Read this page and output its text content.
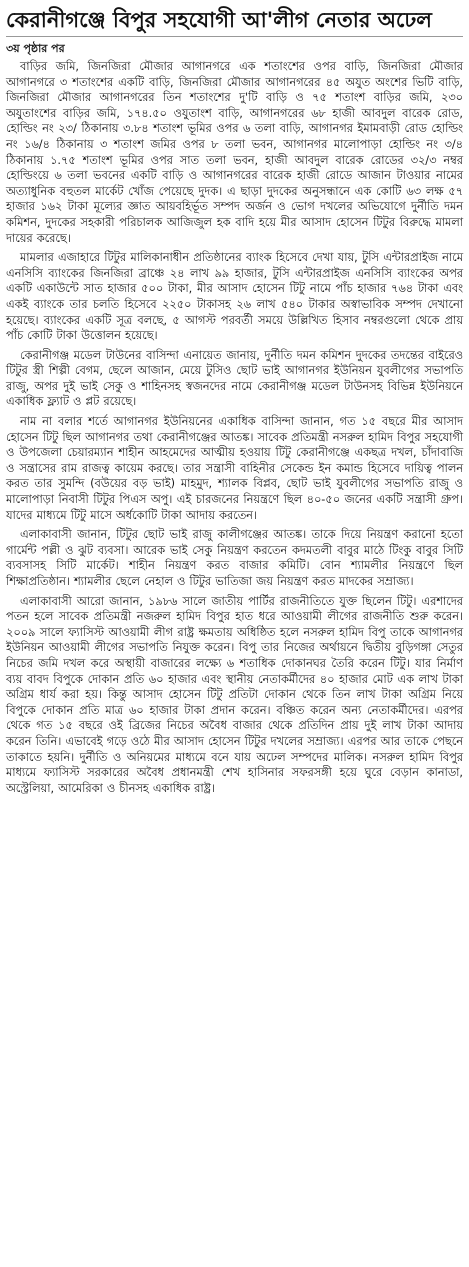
কেরানীগঞ্জে বিপুর সহযোগী আ'লীগ নেতার অঢেল
৩য় পৃষ্ঠার পর

বাড়ির জমি, জিনজিরা মৌজার আগানগরে এক শতাংশের ওপর বাড়ি, জিনজিরা মৌজার আগানগরে ৩ শতাংশের একটি বাড়ি, জিনজিরা মৌজার আগানগরের ৪৫ অযুত অংশের ভিটি বাড়ি, জিনজিরা মৌজার আগানগরের তিন শতাংশের দু'টি বাড়ি ও ৭৫ শতাংশ বাড়ির জমি, ২৩০ অযুতাংশের বাড়ির জমি, ১৭৪.৫০ ওযুতাংশ বাড়ি, আগানগরের ৬৮ হাজী আবদুল বারেক রোড, হোল্ডিং নং ২৩/ ঠিকানায় ৩.৮৪ শতাংশ ভূমির ওপর ৬ তলা বাড়ি, আগানগর ইমামবাড়ী রোড হোল্ডিং নং ১৬/৪ ঠিকানায় ৩ শতাংশ জমির ওপর ৮ তলা ভবন, আগানগর মালোপাড়া হোল্ডিং নং ৩/৪ ঠিকানায় ১.৭৫ শতাংশ ভূমির ওপর সাত তলা ভবন, হাজী আবদুল বারেক রোডের ৩২/৩ নম্বর হোল্ডিংয়ে ৬ তলা ভবনের একটি বাড়ি ও আগানগরের বারেক হাজী রোডে আজান টাওয়ার নামের অত্যাধুনিক বহুতল মার্কেট খোঁজ পেয়েছে দুদক। এ ছাড়া দুদকের অনুসন্ধানে এক কোটি ৬৩ লক্ষ ৫৭ হাজার ১৬২ টাকা মূল্যের জ্ঞাত আয়বহির্ভূত সম্পদ অর্জন ও ভোগ দখলের অভিযোগে দুর্নীতি দমন কমিশন, দুদকের সহকারী পরিচালক আজিজুল হক বাদি হয়ে মীর আসাদ হোসেন টিটুর বিরুদ্ধে মামলা দায়ের করেছে।

মামলার এজাহারে টিটুর মালিকানাধীন প্রতিষ্ঠানের ব্যাংক হিসেবে দেখা যায়, টুসি এন্টারপ্রাইজ নামে এনসিসি ব্যাংকের জিনজিরা ব্রাঞ্চে ২৪ লাখ ৯৯ হাজার, টুসি এন্টারপ্রাইজ এনসিসি ব্যাংকের অপর একটি একাউন্টে সাত হাজার ৫০০ টাকা, মীর আসাদ হোসেন টিটু নামে পাঁচ হাজার ৭৬৪ টাকা এবং একই ব্যাংকে তার চলতি হিসেবে ২২৫০ টাকাসহ ২৬ লাখ ৫৪০ টাকার অস্বাভাবিক সম্পদ দেখানো হয়েছে। ব্যাংকের একটি সূত্র বলছে, ৫ আগস্ট পরবর্তী সময়ে উল্লিখিত হিসাব নম্বরগুলো থেকে প্রায় পাঁচ কোটি টাকা উত্তোলন হয়েছে।

কেরানীগঞ্জ মডেল টাউনের বাসিন্দা এনায়েত জানায়, দুর্নীতি দমন কমিশন দুদকের তদন্তের বাইরেও টিটুর স্ত্রী শিল্পী বেগম, ছেলে আজান, মেয়ে টুসিও ছোট ভাই আগানগর ইউনিয়ন যুবলীগের সভাপতি রাজু, অপর দুই ভাই সেকু ও শাহিনসহ স্বজনদের নামে কেরানীগঞ্জ মডেল টাউনসহ বিভিন্ন ইউনিয়নে একাধিক ফ্ল্যাট ও প্লট রয়েছে।

নাম না বলার শর্তে আগানগর ইউনিয়নের একাধিক বাসিন্দা জানান, গত ১৫ বছরে মীর আসাদ হোসেন টিটু ছিল আগানগর তথা কেরানীগঞ্জের আতঙ্ক। সাবেক প্রতিমন্ত্রী নসরুল হামিদ বিপুর সহযোগী ও উপজেলা চেয়ারম্যান শাহীন আহমেদের আত্মীয় হওয়ায় টিটু কেরানীগঞ্জে একছত্র দখল, চাঁদাবাজি ও সন্ত্রাসের রাম রাজত্ব কায়েম করছে। তার সন্ত্রাসী বাহিনীর সেকেন্ড ইন কমান্ড হিসেবে দায়িত্ব পালন করত তার সুমন্দি (বউয়ের বড় ভাই) মাহমুদ, শ্যালক বিপ্লব, ছোট ভাই যুবলীগের সভাপতি রাজু ও মালোপাড়া নিবাসী টিটুর পিএস অপু। এই চারজনের নিয়ন্ত্রণে ছিল ৪০-৫০ জনের একটি সন্ত্রাসী গ্রুপ। যাদের মাধ্যমে টিটু মাসে অর্ধকোটি টাকা আদায় করতেন।

এলাকাবাসী জানান, টিটুর ছোট ভাই রাজু কালীগঞ্জের আতঙ্ক। তাকে দিয়ে নিয়ন্ত্রণ করানো হতো গার্মেন্ট পল্লী ও ঝুট ব্যবসা। আরেক ভাই সেকু নিয়ন্ত্রণ করতেন কদমতলী বাবুর মাঠে টিংকু বাবুর সিটি ব্যবসাসহ সিটি মার্কেট। শাহীন নিয়ন্ত্রণ করত বাজার কমিটি। বোন শ্যামলীর নিয়ন্ত্রণে ছিল শিক্ষাপ্রতিষ্ঠান। শ্যামলীর ছেলে নেহাল ও টিটুর ভাতিজা জয় নিয়ন্ত্রণ করত মাদকের সম্রাজ্য।

এলাকাবাসী আরো জানান, ১৯৮৬ সালে জাতীয় পার্টির রাজনীতিতে যুক্ত ছিলেন টিটু। এরশাদের পতন হলে সাবেক প্রতিমন্ত্রী নজরুল হামিদ বিপুর হাত ধরে আওয়ামী লীগের রাজনীতি শুরু করেন। ২০০৯ সালে ফ্যাসিস্ট আওয়ামী লীগ রাষ্ট্র ক্ষমতায় অধিষ্ঠিত হলে নসরুল হামিদ বিপু তাকে আগানগর ইউনিয়ন আওয়ামী লীগের সভাপতি নিযুক্ত করেন। বিপু তার নিজের অর্থায়নে দ্বিতীয় বুড়িগঙ্গা সেতুর নিচের জমি দখল করে অস্থায়ী বাজারের লক্ষ্যে ৬ শতাধিক দোকানঘর তৈরি করেন টিটু। যার নির্মাণ ব্যয় বাবদ বিপুকে দোকান প্রতি ৬০ হাজার এবং স্থানীয় নেতাকর্মীদের ৪০ হাজার মোট এক লাখ টাকা অগ্রিম ধার্য করা হয়। কিন্তু আসাদ হোসেন টিটু প্রতিটা দোকান থেকে তিন লাখ টাকা অগ্রিম নিয়ে বিপুকে দোকান প্রতি মাত্র ৬০ হাজার টাকা প্রদান করেন। বঞ্চিত করেন অন্য নেতাকর্মীদের। এরপর থেকে গত ১৫ বছরে ওই ব্রিজের নিচের অবৈধ বাজার থেকে প্রতিদিন প্রায় দুই লাখ টাকা আদায় করেন তিনি। এভাবেই গড়ে ওঠে মীর আসাদ হোসেন টিটুর দখলের সম্রাজ্য। এরপর আর তাকে পেছনে তাকাতে হয়নি। দুর্নীতি ও অনিয়মের মাধ্যমে বনে যায় অঢেল সম্পদের মালিক। নসরুল হামিদ বিপুর মাধ্যমে ফ্যাসিস্ট সরকারের অবৈধ প্রধানমন্ত্রী শেখ হাসিনার সফরসঙ্গী হয়ে ঘুরে বেড়ান কানাডা, অস্ট্রেলিয়া, আমেরিকা ও চীনসহ একাধিক রাষ্ট্র।
